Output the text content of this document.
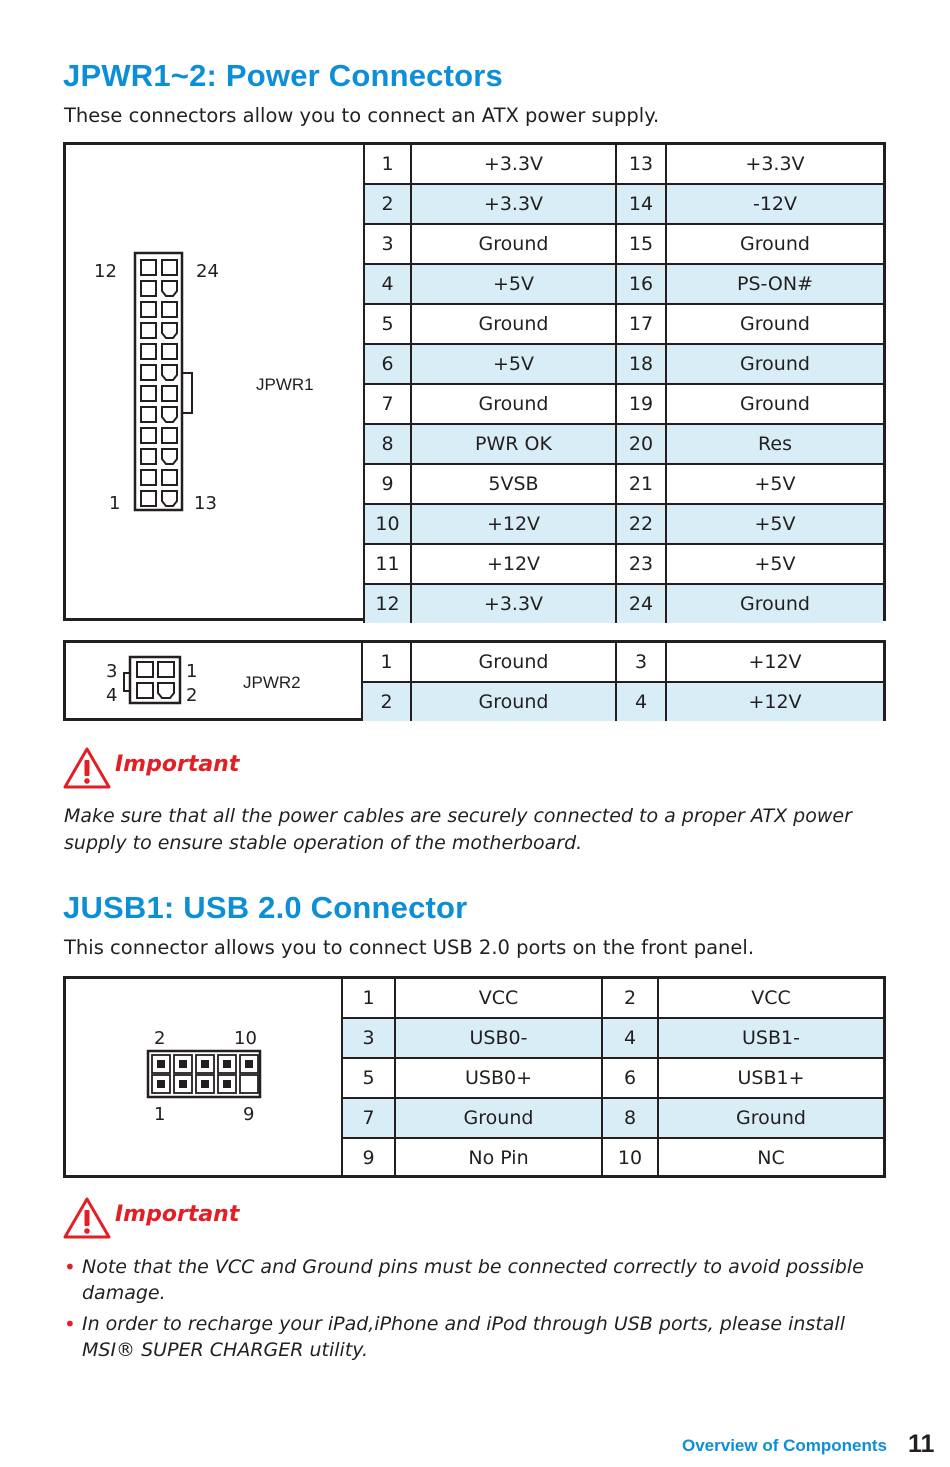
JPWR1~2: Power Connectors
These connectors allow you to connect an ATX power supply.
12	24
1	13
JPWR1
1	+3.3V	13	+3.3V
2	+3.3V	14	-12V
3	Ground	15	Ground
4	+5V	16	PS-ON#
5	Ground	17	Ground
6	+5V	18	Ground
7	Ground	19	Ground
8	PWR OK	20	Res
9	5VSB	21	+5V
10	+12V	22	+5V
11	+12V	23	+5V
12	+3.3V	24	Ground
3
4
1
2
JPWR2
1	Ground	3	+12V
2	Ground	4	+12V
Important
Make sure that all the power cables are securely connected to a proper ATX power
supply to ensure stable operation of the motherboard.
JUSB1: USB 2.0 Connector
This connector allows you to connect USB 2.0 ports on the front panel.
2	10
1	9
1	VCC	2	VCC
3	USB0-	4	USB1-
5	USB0+	6	USB1+
7	Ground	8	Ground
9	No Pin	10	NC
Important
• Note that the VCC and Ground pins must be connected correctly to avoid possible
damage.
• In order to recharge your iPad,iPhone and iPod through USB ports, please install
MSI® SUPER CHARGER utility.
Overview of Components 11
